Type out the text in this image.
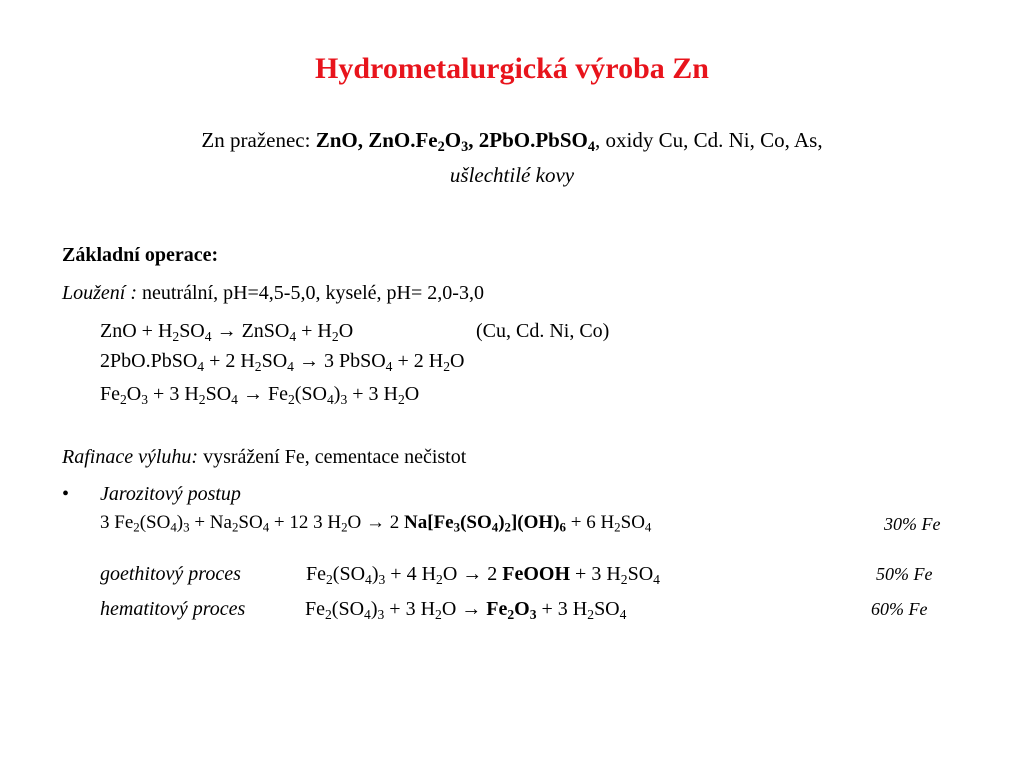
Hydrometalurgická výroba Zn
Zn praženec: ZnO, $ZnO.Fe_2O_3$, 2PbO.PbSO$_4$, oxidy Cu, Cd. Ni, Co, As,
ušlechtilé kovy
Základní operace:
Loužení : neutrální, pH=4,5-5,0, kyselé, pH= 2,0-3,0
ZnO + $H_2SO_4$ → ZnSO$_4$ + $H_2O$	(Cu, Cd. Ni, Co)
2PbO.PbSO$_4$ + 2 $H_2SO_4 \to 3$ PbSO$_4$ + 2 $H_2O$
$Fe_2O_3 + 3$ $H_2SO_4 \to Fe_2(SO_4)_3 + 3$ $H_2O$
Rafinace výluhu: vysrážení Fe, cementace nečistot
• Jarozitový postup
3 $Fe_2(SO_4)_3 + Na_2SO_4 + 12$ 3 $H_2O \to 2$ $Na[Fe_3(SO_4)_2](OH)_6 + 6$ $H_2SO_4$	30% Fe
goethitový proces	$Fe_2(SO_4)_3 + 4$ $H_2O \to 2$ FeOOH + 3 $H_2SO_4$	50% Fe
hematitový proces	$Fe_2(SO_4)_3 + 3$ $H_2O \to Fe_2O_3 + 3$ $H_2SO_4$	60% Fe
